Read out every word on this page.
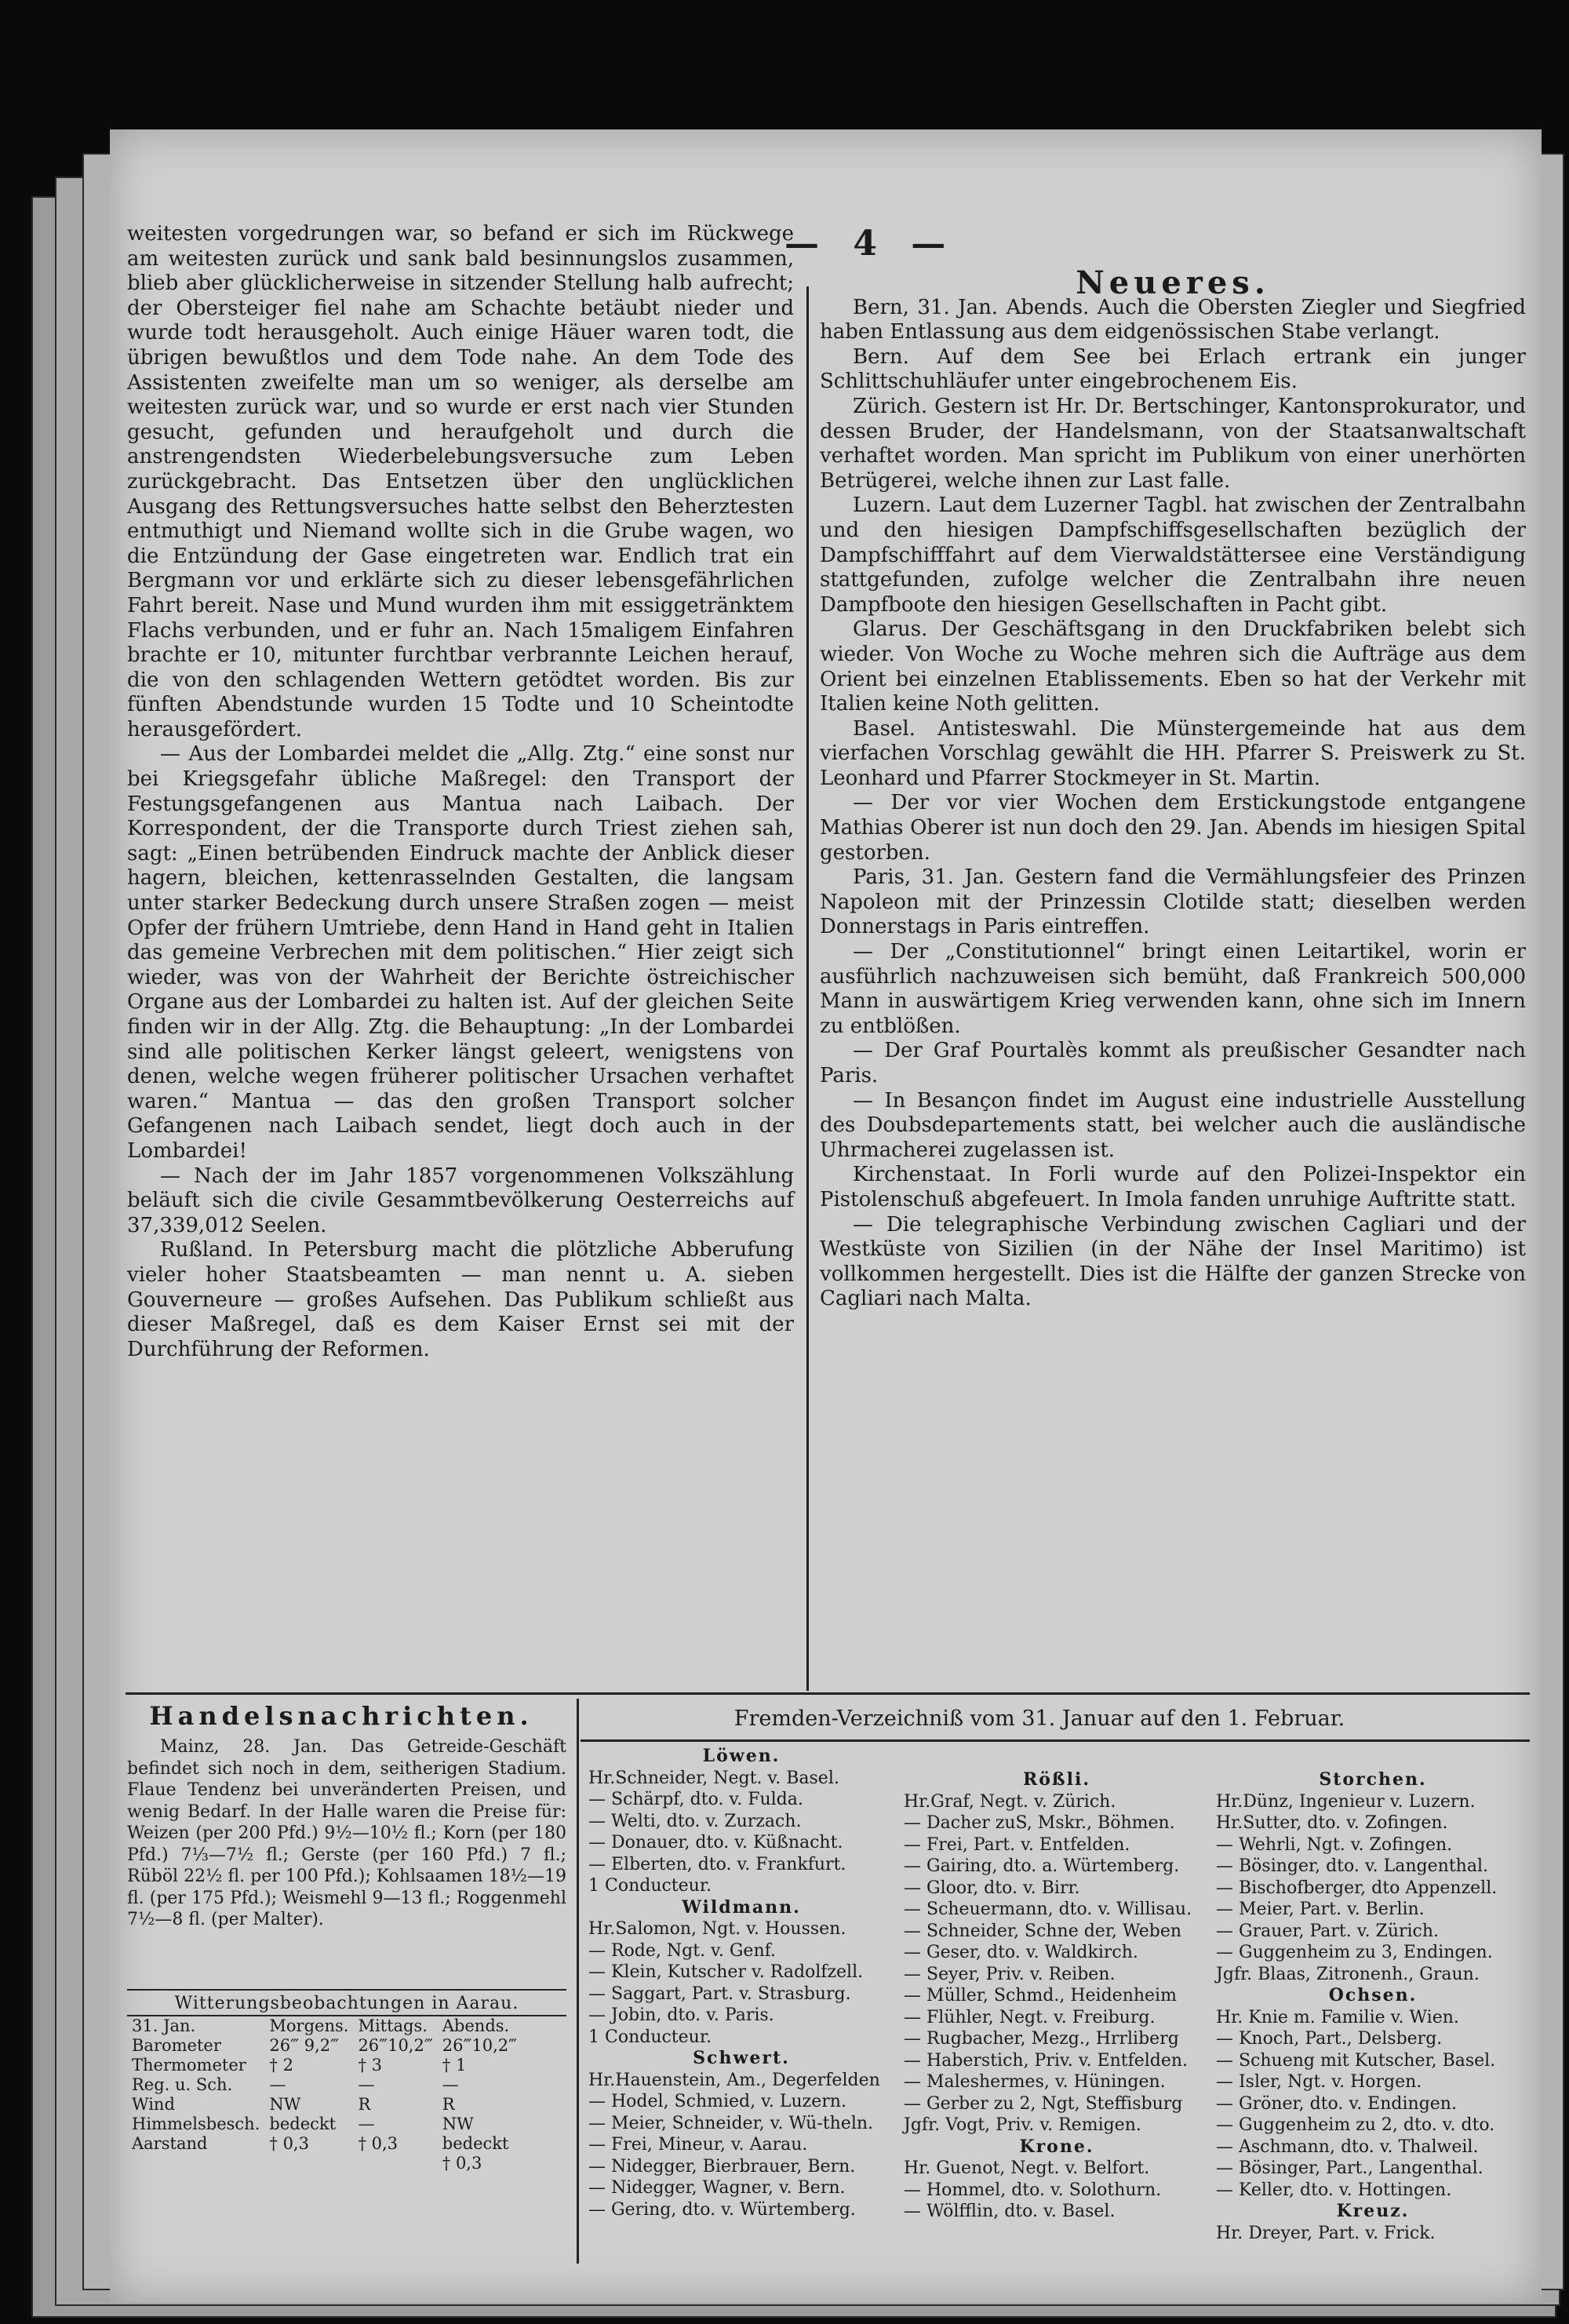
— 4 —

weitesten vorgedrungen war, so befand er sich im Rückwege am weitesten zurück und sank bald besinnungslos zusammen, blieb aber glücklicherweise in sitzender Stellung halb aufrecht; der Obersteiger fiel nahe am Schachte betäubt nieder und wurde todt herausgeholt. Auch einige Häuer waren todt, die übrigen bewußtlos und dem Tode nahe. An dem Tode des Assistenten zweifelte man um so weniger, als derselbe am weitesten zurück war, und so wurde er erst nach vier Stunden gesucht, gefunden und heraufgeholt und durch die anstrengendsten Wiederbelebungsversuche zum Leben zurückgebracht. Das Entsetzen über den unglücklichen Ausgang des Rettungsversuches hatte selbst den Beherztesten entmuthigt und Niemand wollte sich in die Grube wagen, wo die Entzündung der Gase eingetreten war. Endlich trat ein Bergmann vor und erklärte sich zu dieser lebensgefährlichen Fahrt bereit. Nase und Mund wurden ihm mit essiggetränktem Flachs verbunden, und er fuhr an. Nach 15maligem Einfahren brachte er 10, mitunter furchtbar verbrannte Leichen herauf, die von den schlagenden Wettern getödtet worden. Bis zur fünften Abendstunde wurden 15 Todte und 10 Scheintodte herausgefördert.

— Aus der Lombardei meldet die „Allg. Ztg.“ eine sonst nur bei Kriegsgefahr übliche Maßregel: den Transport der Festungsgefangenen aus Mantua nach Laibach. Der Korrespondent, der die Transporte durch Triest ziehen sah, sagt: „Einen betrübenden Eindruck machte der Anblick dieser hagern, bleichen, kettenrasselnden Gestalten, die langsam unter starker Bedeckung durch unsere Straßen zogen — meist Opfer der frühern Umtriebe, denn Hand in Hand geht in Italien das gemeine Verbrechen mit dem politischen.“ Hier zeigt sich wieder, was von der Wahrheit der Berichte östreichischer Organe aus der Lombardei zu halten ist. Auf der gleichen Seite finden wir in der Allg. Ztg. die Behauptung: „In der Lombardei sind alle politischen Kerker längst geleert, wenigstens von denen, welche wegen früherer politischer Ursachen verhaftet waren.“ Mantua — das den großen Transport solcher Gefangenen nach Laibach sendet, liegt doch auch in der Lombardei!

— Nach der im Jahr 1857 vorgenommenen Volkszählung beläuft sich die civile Gesammtbevölkerung Oesterreichs auf 37,339,012 Seelen.

Rußland. In Petersburg macht die plötzliche Abberufung vieler hoher Staatsbeamten — man nennt u. A. sieben Gouverneure — großes Aufsehen. Das Publikum schließt aus dieser Maßregel, daß es dem Kaiser Ernst sei mit der Durchführung der Reformen.

Neueres.

Bern, 31. Jan. Abends. Auch die Obersten Ziegler und Siegfried haben Entlassung aus dem eidgenössischen Stabe verlangt.

Bern. Auf dem See bei Erlach ertrank ein junger Schlittschuhläufer unter eingebrochenem Eis.

Zürich. Gestern ist Hr. Dr. Bertschinger, Kantonsprokurator, und dessen Bruder, der Handelsmann, von der Staatsanwaltschaft verhaftet worden. Man spricht im Publikum von einer unerhörten Betrügerei, welche ihnen zur Last falle.

Luzern. Laut dem Luzerner Tagbl. hat zwischen der Zentralbahn und den hiesigen Dampfschiffsgesellschaften bezüglich der Dampfschifffahrt auf dem Vierwaldstättersee eine Verständigung stattgefunden, zufolge welcher die Zentralbahn ihre neuen Dampfboote den hiesigen Gesellschaften in Pacht gibt.

Glarus. Der Geschäftsgang in den Druckfabriken belebt sich wieder. Von Woche zu Woche mehren sich die Aufträge aus dem Orient bei einzelnen Etablissements. Eben so hat der Verkehr mit Italien keine Noth gelitten.

Basel. Antisteswahl. Die Münstergemeinde hat aus dem vierfachen Vorschlag gewählt die HH. Pfarrer S. Preiswerk zu St. Leonhard und Pfarrer Stockmeyer in St. Martin.

— Der vor vier Wochen dem Erstickungstode entgangene Mathias Oberer ist nun doch den 29. Jan. Abends im hiesigen Spital gestorben.

Paris, 31. Jan. Gestern fand die Vermählungsfeier des Prinzen Napoleon mit der Prinzessin Clotilde statt; dieselben werden Donnerstags in Paris eintreffen.

— Der „Constitutionnel“ bringt einen Leitartikel, worin er ausführlich nachzuweisen sich bemüht, daß Frankreich 500,000 Mann in auswärtigem Krieg verwenden kann, ohne sich im Innern zu entblößen.

— Der Graf Pourtalès kommt als preußischer Gesandter nach Paris.

— In Besançon findet im August eine industrielle Ausstellung des Doubsdepartements statt, bei welcher auch die ausländische Uhrmacherei zugelassen ist.

Kirchenstaat. In Forli wurde auf den Polizei-Inspektor ein Pistolenschuß abgefeuert. In Imola fanden unruhige Auftritte statt.

— Die telegraphische Verbindung zwischen Cagliari und der Westküste von Sizilien (in der Nähe der Insel Maritimo) ist vollkommen hergestellt. Dies ist die Hälfte der ganzen Strecke von Cagliari nach Malta.

Handelsnachrichten.

Mainz, 28. Jan. Das Getreide-Geschäft befindet sich noch in dem, seitherigen Stadium. Flaue Tendenz bei unveränderten Preisen, und wenig Bedarf. In der Halle waren die Preise für: Weizen (per 200 Pfd.) 9½—10½ fl.; Korn (per 180 Pfd.) 7⅓—7½ fl.; Gerste (per 160 Pfd.) 7 fl.; Rüböl 22½ fl. per 100 Pfd.); Kohlsaamen 18½—19 fl. (per 175 Pfd.); Weismehl 9—13 fl.; Roggenmehl 7½—8 fl. (per Malter).

Witterungsbeobachtungen in Aarau.

31. Jan.	Morgens.	Mittags.	Abends.
Barometer	26‴ 9,2‴	26‴10,2‴	26‴10,2‴
Thermometer	† 2	† 3	† 1
Reg. u. Sch.	—	—	—
Wind	NW	R	R
Himmelsbesch.	bedeckt	—	NW
Aarstand	† 0,3	† 0,3	bedeckt
			† 0,3
Fremden-Verzeichniß vom 31. Januar auf den 1. Februar.

Löwen.

Hr.Schneider, Negt. v. Basel.

— Schärpf, dto. v. Fulda.

— Welti, dto. v. Zurzach.

— Donauer, dto. v. Küßnacht.

— Elberten, dto. v. Frankfurt.

1 Conducteur.

Wildmann.

Hr.Salomon, Ngt. v. Houssen.

— Rode, Ngt. v. Genf.

— Klein, Kutscher v. Radolfzell.

— Saggart, Part. v. Strasburg.

— Jobin, dto. v. Paris.

1 Conducteur.

Schwert.

Hr.Hauenstein, Am., Degerfelden

— Hodel, Schmied, v. Luzern.

— Meier, Schneider, v. Wü-theln.

— Frei, Mineur, v. Aarau.

— Nidegger, Bierbrauer, Bern.

— Nidegger, Wagner, v. Bern.

— Gering, dto. v. Würtemberg.

Rößli.

Hr.Graf, Negt. v. Zürich.

— Dacher zuS, Mskr., Böhmen.

— Frei, Part. v. Entfelden.

— Gairing, dto. a. Würtemberg.

— Gloor, dto. v. Birr.

— Scheuermann, dto. v. Willisau.

— Schneider, Schne der, Weben

— Geser, dto. v. Waldkirch.

— Seyer, Priv. v. Reiben.

— Müller, Schmd., Heidenheim

— Flühler, Negt. v. Freiburg.

— Rugbacher, Mezg., Hrrliberg

— Haberstich, Priv. v. Entfelden.

— Maleshermes, v. Hüningen.

— Gerber zu 2, Ngt, Steffisburg

Jgfr. Vogt, Priv. v. Remigen.

Krone.

Hr. Guenot, Negt. v. Belfort.

— Hommel, dto. v. Solothurn.

— Wölfflin, dto. v. Basel.

Storchen.

Hr.Dünz, Ingenieur v. Luzern.

Hr.Sutter, dto. v. Zofingen.

— Wehrli, Ngt. v. Zofingen.

— Bösinger, dto. v. Langenthal.

— Bischofberger, dto Appenzell.

— Meier, Part. v. Berlin.

— Grauer, Part. v. Zürich.

— Guggenheim zu 3, Endingen.

Jgfr. Blaas, Zitronenh., Graun.

Ochsen.

Hr. Knie m. Familie v. Wien.

— Knoch, Part., Delsberg.

— Schueng mit Kutscher, Basel.

— Isler, Ngt. v. Horgen.

— Gröner, dto. v. Endingen.

— Guggenheim zu 2, dto. v. dto.

— Aschmann, dto. v. Thalweil.

— Bösinger, Part., Langenthal.

— Keller, dto. v. Hottingen.

Kreuz.

Hr. Dreyer, Part. v. Frick.
